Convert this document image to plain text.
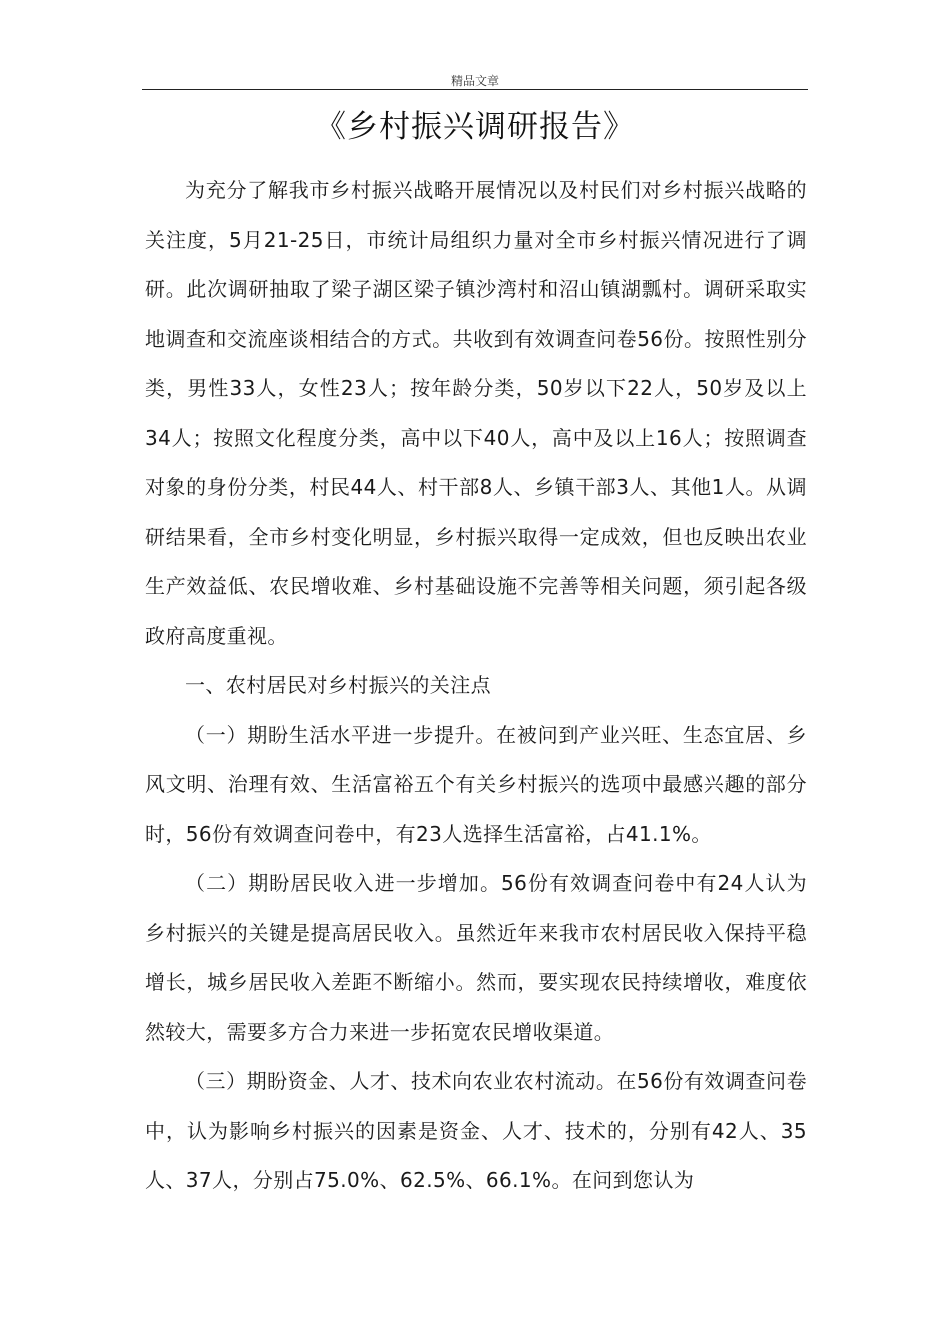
精品文章
《乡村振兴调研报告》

为充分了解我市乡村振兴战略开展情况以及村民们对乡村振兴战略的关注度，5月21-25日，市统计局组织力量对全市乡村振兴情况进行了调研。此次调研抽取了梁子湖区梁子镇沙湾村和沼山镇湖瓢村。调研采取实地调查和交流座谈相结合的方式。共收到有效调查问卷56份。按照性别分类，男性33人，女性23人；按年龄分类，50岁以下22人，50岁及以上34人；按照文化程度分类，高中以下40人，高中及以上16人；按照调查对象的身份分类，村民44人、村干部8人、乡镇干部3人、其他1人。从调研结果看，全市乡村变化明显，乡村振兴取得一定成效，但也反映出农业生产效益低、农民增收难、乡村基础设施不完善等相关问题，须引起各级政府高度重视。

一、农村居民对乡村振兴的关注点

（一）期盼生活水平进一步提升。在被问到产业兴旺、生态宜居、乡风文明、治理有效、生活富裕五个有关乡村振兴的选项中最感兴趣的部分时，56份有效调查问卷中，有23人选择生活富裕，占41.1%。

（二）期盼居民收入进一步增加。56份有效调查问卷中有24人认为乡村振兴的关键是提高居民收入。虽然近年来我市农村居民收入保持平稳增长，城乡居民收入差距不断缩小。然而，要实现农民持续增收，难度依然较大，需要多方合力来进一步拓宽农民增收渠道。

（三）期盼资金、人才、技术向农业农村流动。在56份有效调查问卷中，认为影响乡村振兴的因素是资金、人才、技术的，分别有42人、35人、37人，分别占75.0%、62.5%、66.1%。在问到您认为
